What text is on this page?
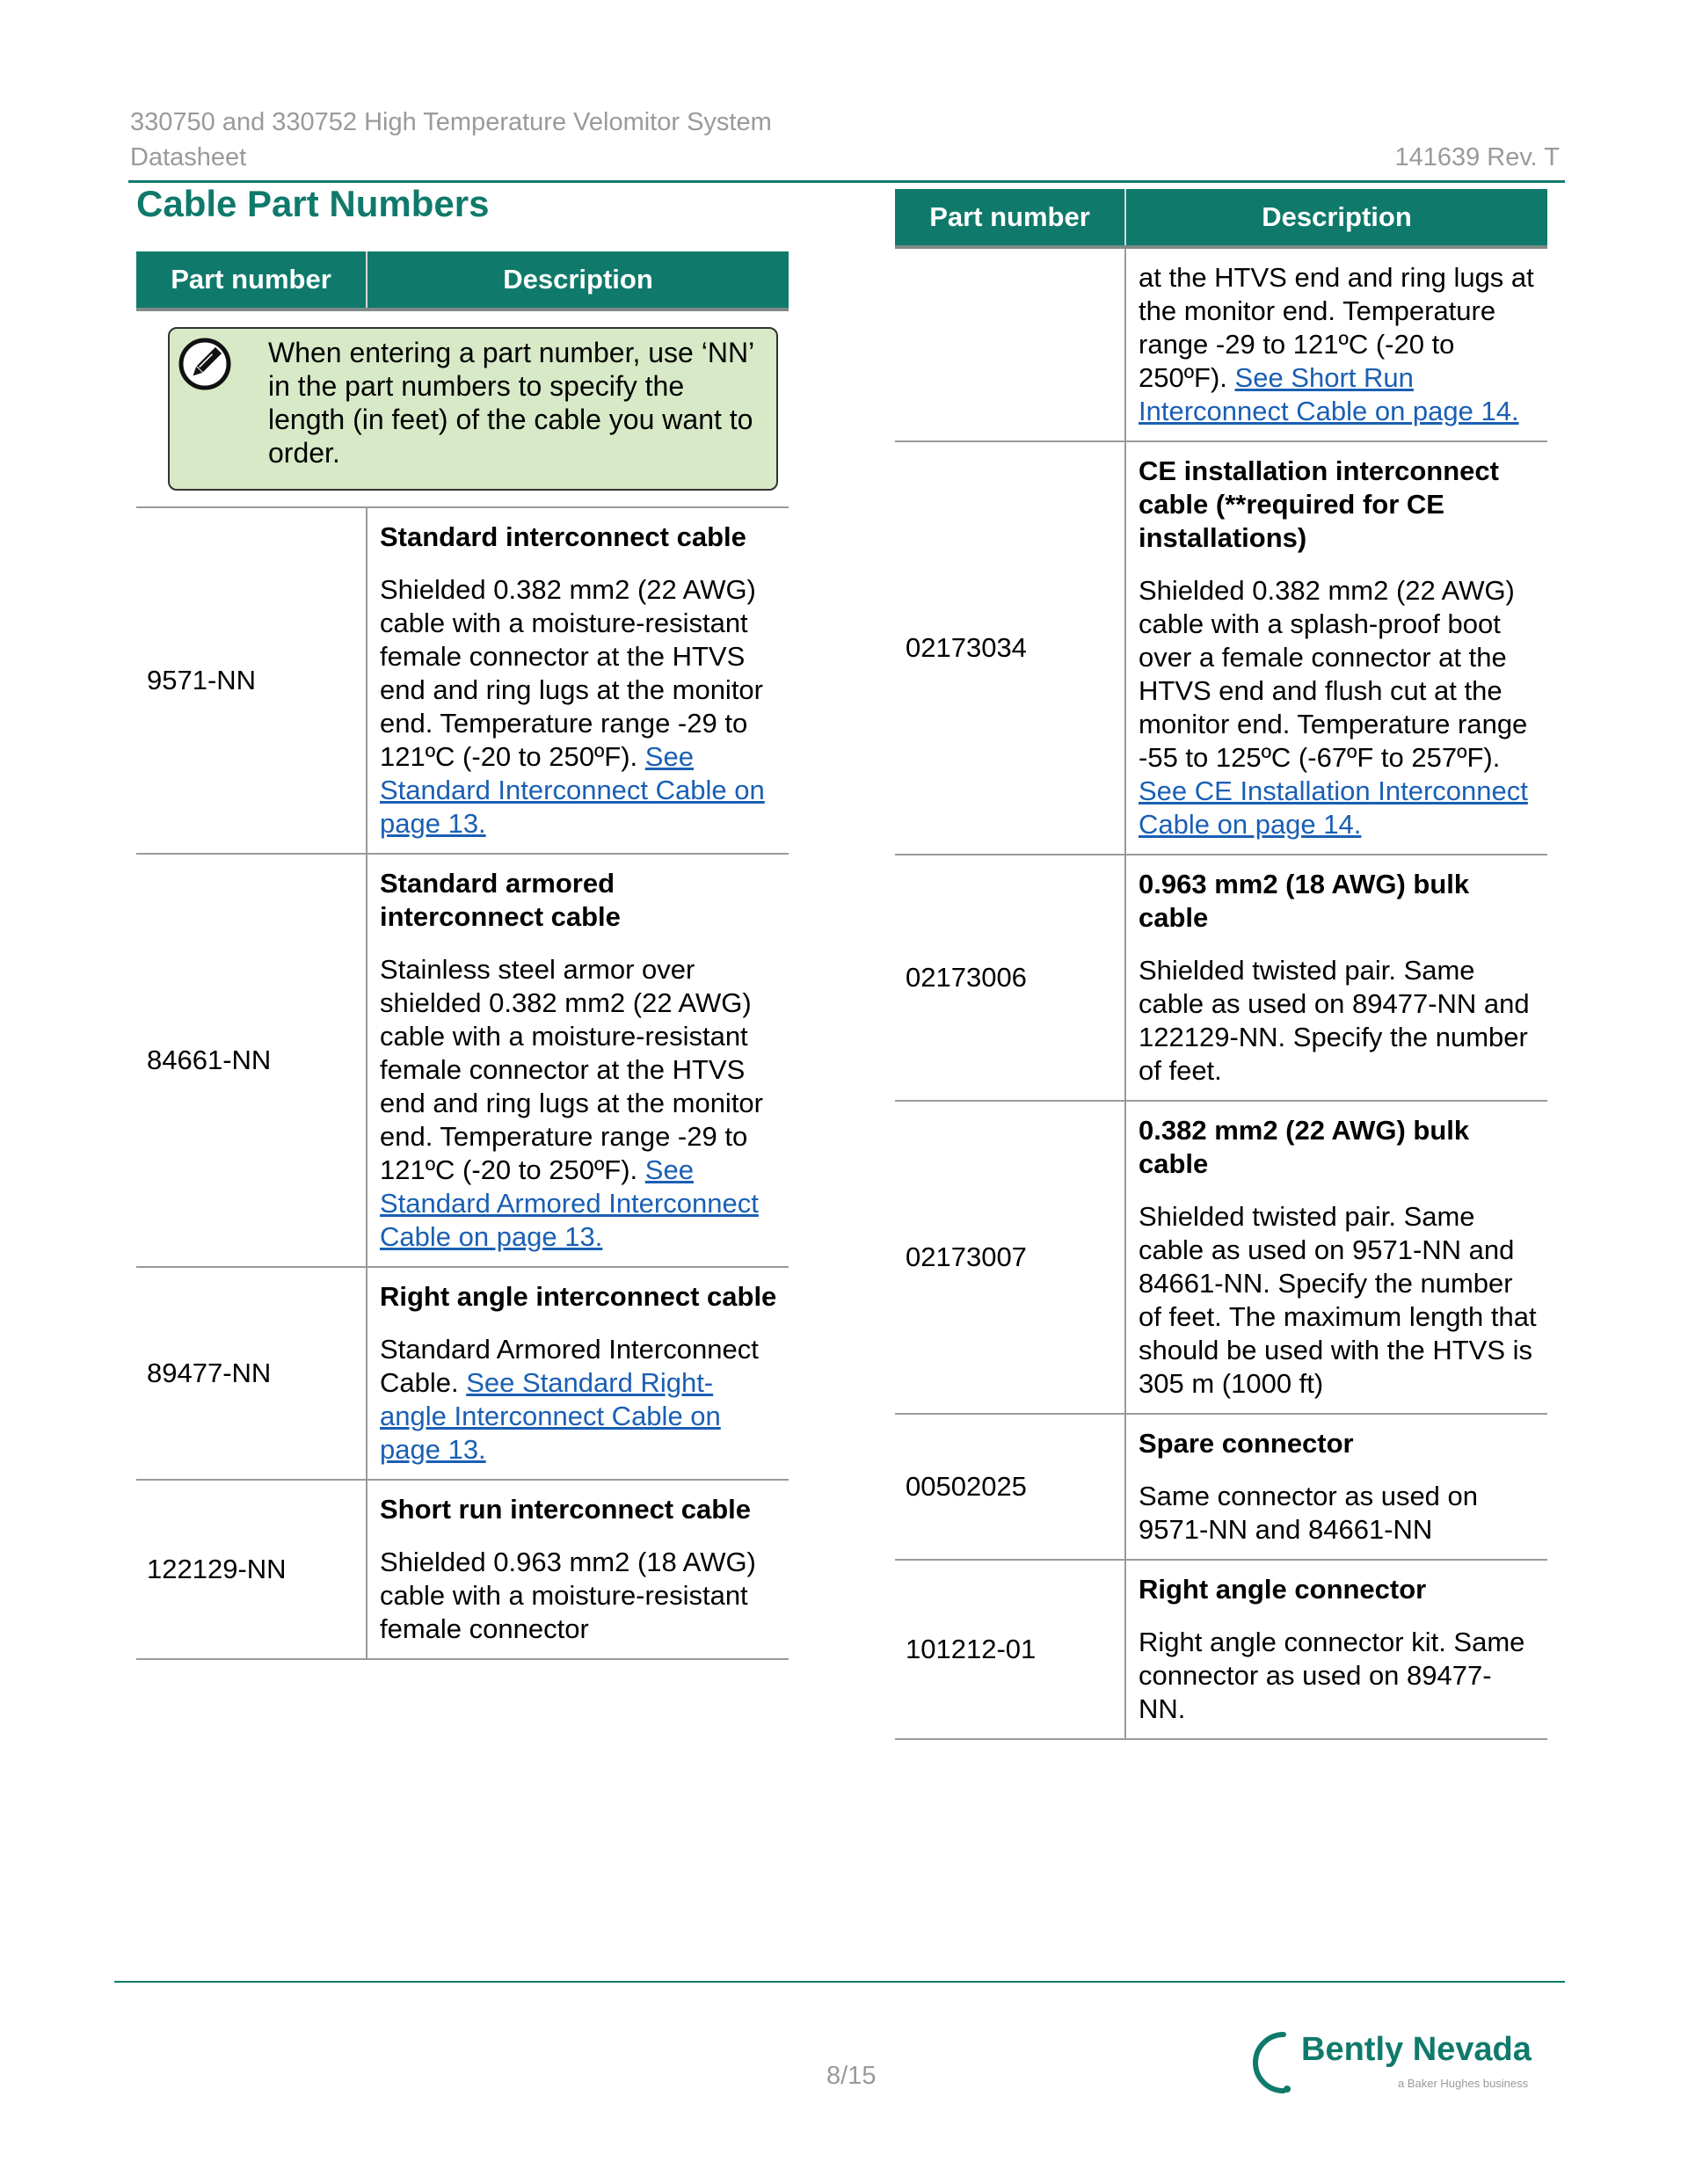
330750 and 330752 High Temperature Velomitor System
Datasheet	141639 Rev. T
Cable Part Numbers
Part number	Description

When entering a part number, use ‘NN’ in the part numbers to specify the length (in feet) of the cable you want to order.	

9571-NN	Standard interconnect cable

Shielded 0.382 mm2 (22 AWG) cable with a moisture-resistant female connector at the HTVS end and ring lugs at the monitor end. Temperature range -29 to 121ºC (-20 to 250ºF). See Standard Interconnect Cable on page 13.

84661-NN	Standard armored interconnect cable

Stainless steel armor over shielded 0.382 mm2 (22 AWG) cable with a moisture-resistant female connector at the HTVS end and ring lugs at the monitor end. Temperature range -29 to 121ºC (-20 to 250ºF). See Standard Armored Interconnect Cable on page 13.

89477-NN	Right angle interconnect cable

Standard Armored Interconnect Cable. See Standard Right-angle Interconnect Cable on page 13.

122129-NN	Short run interconnect cable

Shielded 0.963 mm2 (18 AWG) cable with a moisture-resistant female connector

Part number	Description

	at the HTVS end and ring lugs at the monitor end. Temperature range -29 to 121ºC (-20 to 250ºF). See Short Run Interconnect Cable on page 14.

02173034	CE installation interconnect cable (**required for CE installations)

Shielded 0.382 mm2 (22 AWG) cable with a splash-proof boot over a female connector at the HTVS end and flush cut at the monitor end. Temperature range -55 to 125ºC (-67ºF to 257ºF). See CE Installation Interconnect Cable on page 14.

02173006	0.963 mm2 (18 AWG) bulk cable

Shielded twisted pair. Same cable as used on 89477-NN and 122129-NN. Specify the number of feet.

02173007	0.382 mm2 (22 AWG) bulk cable

Shielded twisted pair. Same cable as used on 9571-NN and 84661-NN. Specify the number of feet. The maximum length that should be used with the HTVS is 305 m (1000 ft)

00502025	Spare connector

Same connector as used on 9571-NN and 84661-NN

101212-01	Right angle connector

Right angle connector kit. Same connector as used on 89477-NN.

8/15
Bently Nevada
a Baker Hughes business
